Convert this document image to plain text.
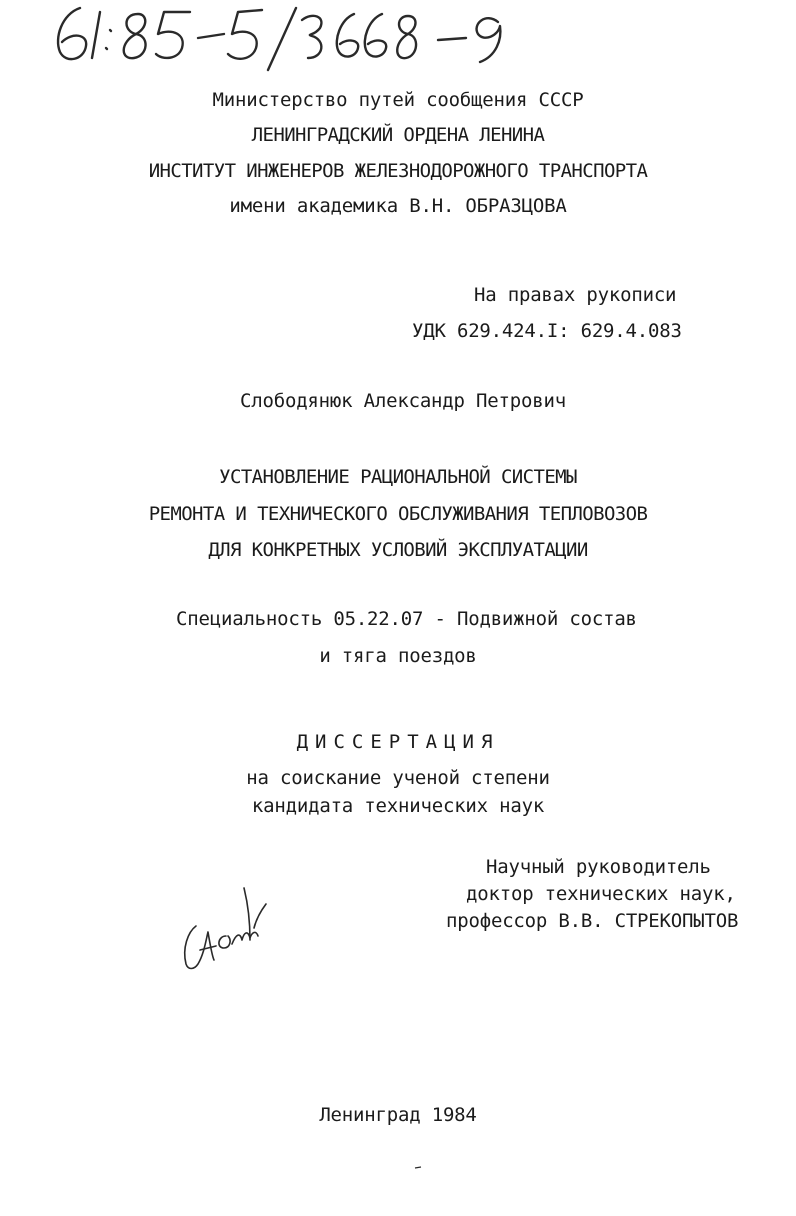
Министерство путей сообщения СССР
ЛЕНИНГРАДСКИЙ ОРДЕНА ЛЕНИНА
ИНСТИТУТ ИНЖЕНЕРОВ ЖЕЛЕЗНОДОРОЖНОГО ТРАНСПОРТА
имени академика В.Н. ОБРАЗЦОВА
На правах рукописи
УДК 629.424.I: 629.4.083
Слободянюк Александр Петрович
УСТАНОВЛЕНИЕ РАЦИОНАЛЬНОЙ СИСТЕМЫ
РЕМОНТА И ТЕХНИЧЕСКОГО ОБСЛУЖИВАНИЯ ТЕПЛОВОЗОВ
ДЛЯ КОНКРЕТНЫХ УСЛОВИЙ ЭКСПЛУАТАЦИИ
Специальность 05.22.07 - Подвижной состав
и тяга поездов
ДИССЕРТАЦИЯ
на соискание ученой степени
кандидата технических наук
Научный руководитель
доктор технических наук,
профессор В.В. СТРЕКОПЫТОВ
Ленинград 1984
